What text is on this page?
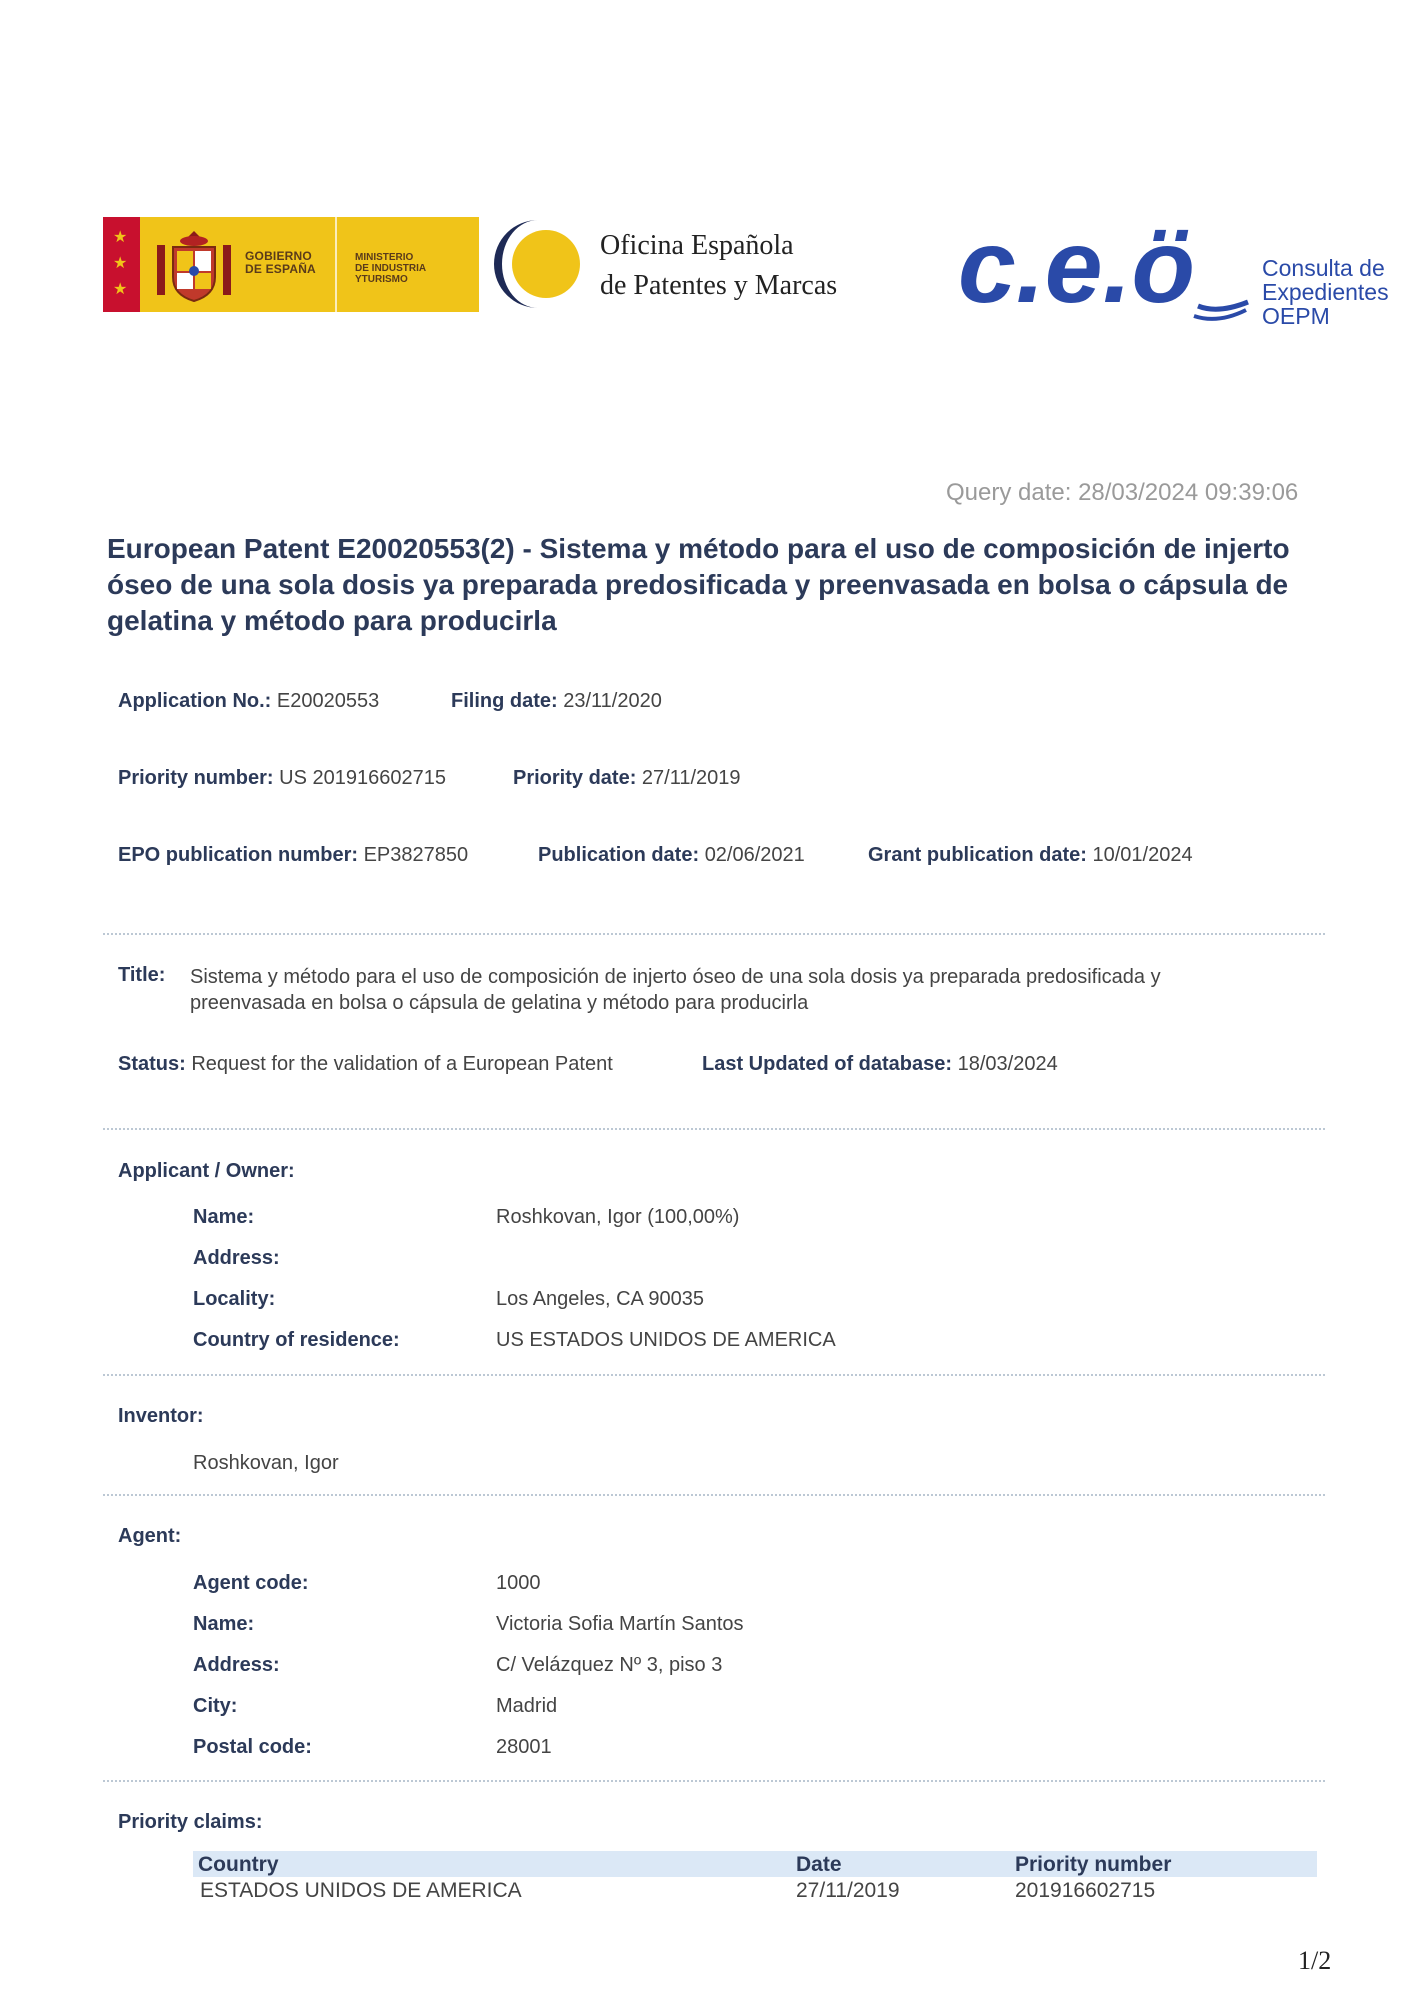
★
★
★
GOBIERNO
DE ESPAÑA
MINISTERIO
DE INDUSTRIA
YTURISMO
Oficina Española
de Patentes y Marcas c.e.ö	Consulta de
Expedientes
OEPM
Query date: 28/03/2024 09:39:06
European Patent E20020553(2) - Sistema y método para el uso de composición de injerto óseo de una sola dosis ya preparada predosificada y preenvasada en bolsa o cápsula de gelatina y método para producirla
Application No.: E20020553	Filing date: 23/11/2020
Priority number: US 201916602715	Priority date: 27/11/2019
EPO publication number: EP3827850	Publication date: 02/06/2021	Grant publication date: 10/01/2024
Title: Sistema y método para el uso de composición de injerto óseo de una sola dosis ya preparada predosificada y
preenvasada en bolsa o cápsula de gelatina y método para producirla
Status: Request for the validation of a European Patent	Last Updated of database: 18/03/2024
Applicant / Owner:
Name:	Roshkovan, Igor (100,00%)
Address:
Locality:	Los Angeles, CA 90035
Country of residence:	US ESTADOS UNIDOS DE AMERICA
Inventor:
Roshkovan, Igor
Agent:
Agent code:	1000
Name:	Victoria Sofia Martín Santos
Address:	C/ Velázquez Nº 3, piso 3
City:	Madrid
Postal code:	28001
Priority claims:
Country	Date	Priority number
ESTADOS UNIDOS DE AMERICA	27/11/2019	201916602715
1/2
